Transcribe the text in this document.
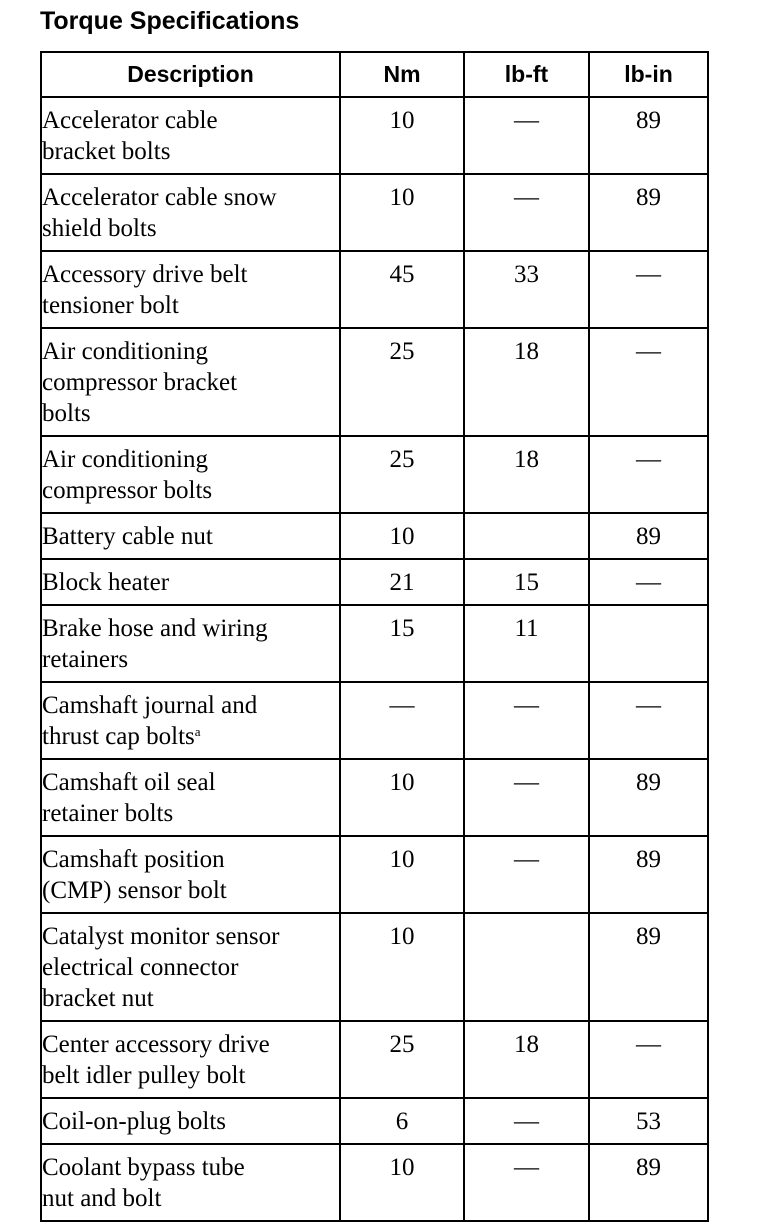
Torque Specifications
Description	Nm	lb-ft	lb-in

Accelerator cable
bracket bolts	10	—	89

Accelerator cable snow
shield bolts	10	—	89

Accessory drive belt
tensioner bolt	45	33	—

Air conditioning
compressor bracket
bolts	25	18	—

Air conditioning
compressor bolts	25	18	—

Battery cable nut	10		89

Block heater	21	15	—

Brake hose and wiring
retainers	15	11	

Camshaft journal and
thrust cap bolts$^a$	—	—	—

Camshaft oil seal
retainer bolts	10	—	89

Camshaft position
(CMP) sensor bolt	10	—	89

Catalyst monitor sensor
electrical connector
bracket nut	10		89

Center accessory drive
belt idler pulley bolt	25	18	—

Coil-on-plug bolts	6	—	53

Coolant bypass tube
nut and bolt	10	—	89
